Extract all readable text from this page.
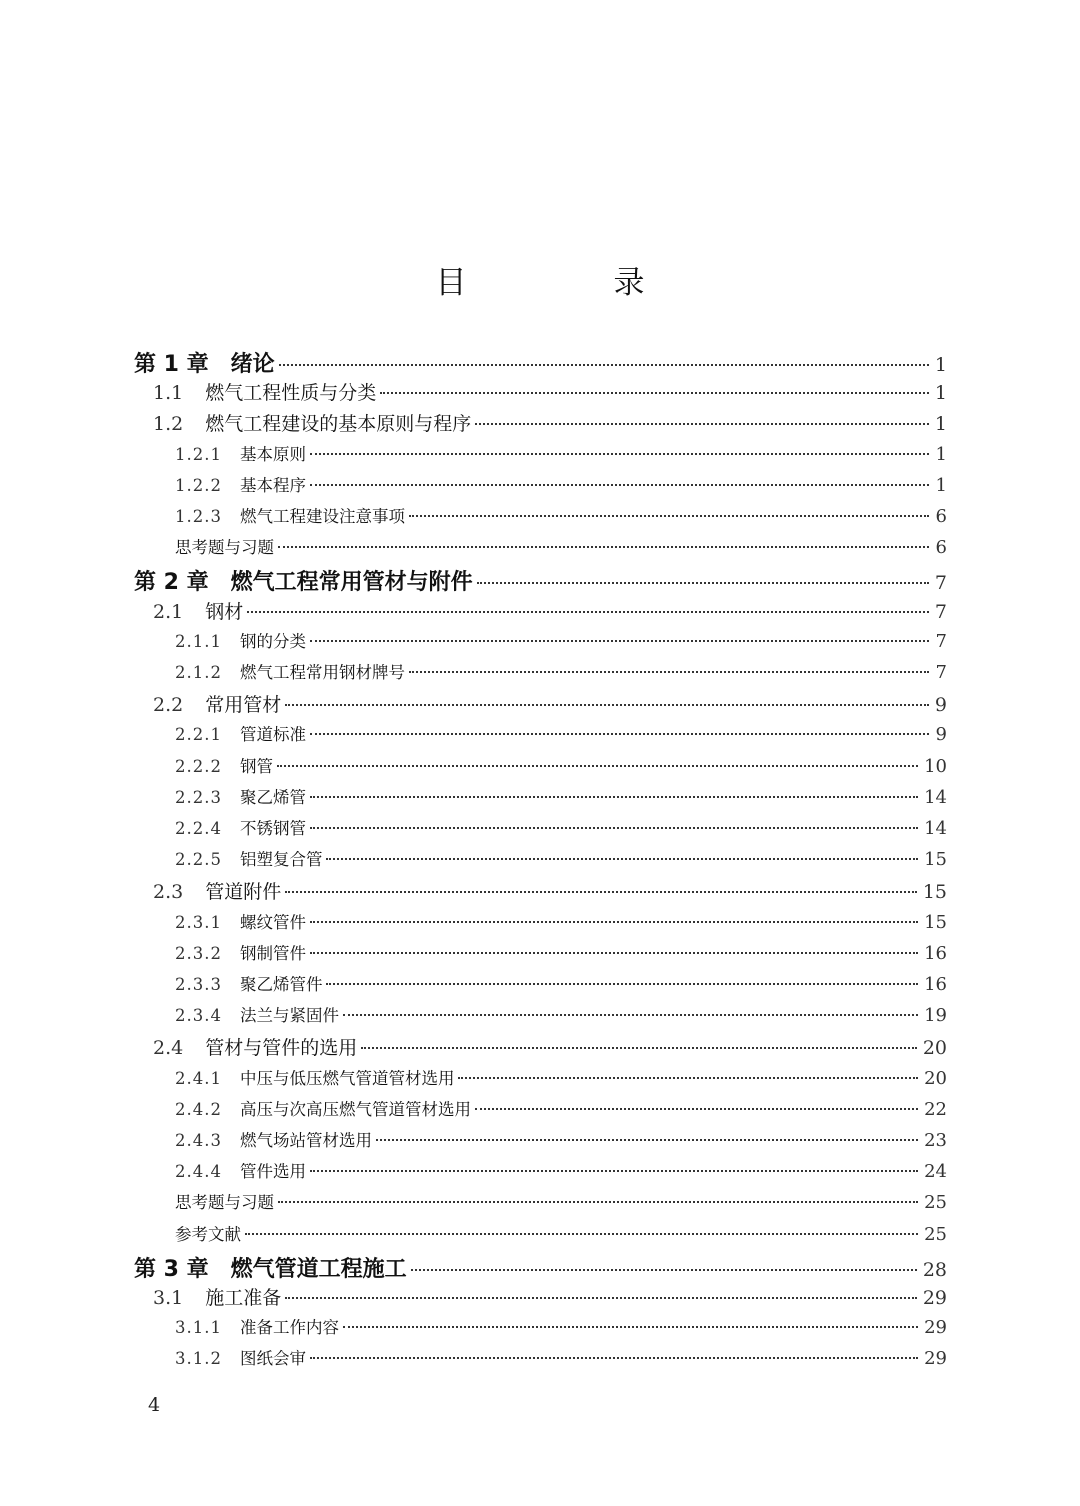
目　录
第 1 章 绪论	1
1.1 燃气工程性质与分类	1
1.2 燃气工程建设的基本原则与程序	1
1.2.1 基本原则	1
1.2.2 基本程序	1
1.2.3 燃气工程建设注意事项	6
思考题与习题	6
第 2 章 燃气工程常用管材与附件	7
2.1 钢材	7
2.1.1 钢的分类	7
2.1.2 燃气工程常用钢材牌号	7
2.2 常用管材	9
2.2.1 管道标准	9
2.2.2 钢管	10
2.2.3 聚乙烯管	14
2.2.4 不锈钢管	14
2.2.5 铝塑复合管	15
2.3 管道附件	15
2.3.1 螺纹管件	15
2.3.2 钢制管件	16
2.3.3 聚乙烯管件	16
2.3.4 法兰与紧固件	19
2.4 管材与管件的选用	20
2.4.1 中压与低压燃气管道管材选用	20
2.4.2 高压与次高压燃气管道管材选用	22
2.4.3 燃气场站管材选用	23
2.4.4 管件选用	24
思考题与习题	25
参考文献	25
第 3 章 燃气管道工程施工	28
3.1 施工准备	29
3.1.1 准备工作内容	29
3.1.2 图纸会审	29
4
